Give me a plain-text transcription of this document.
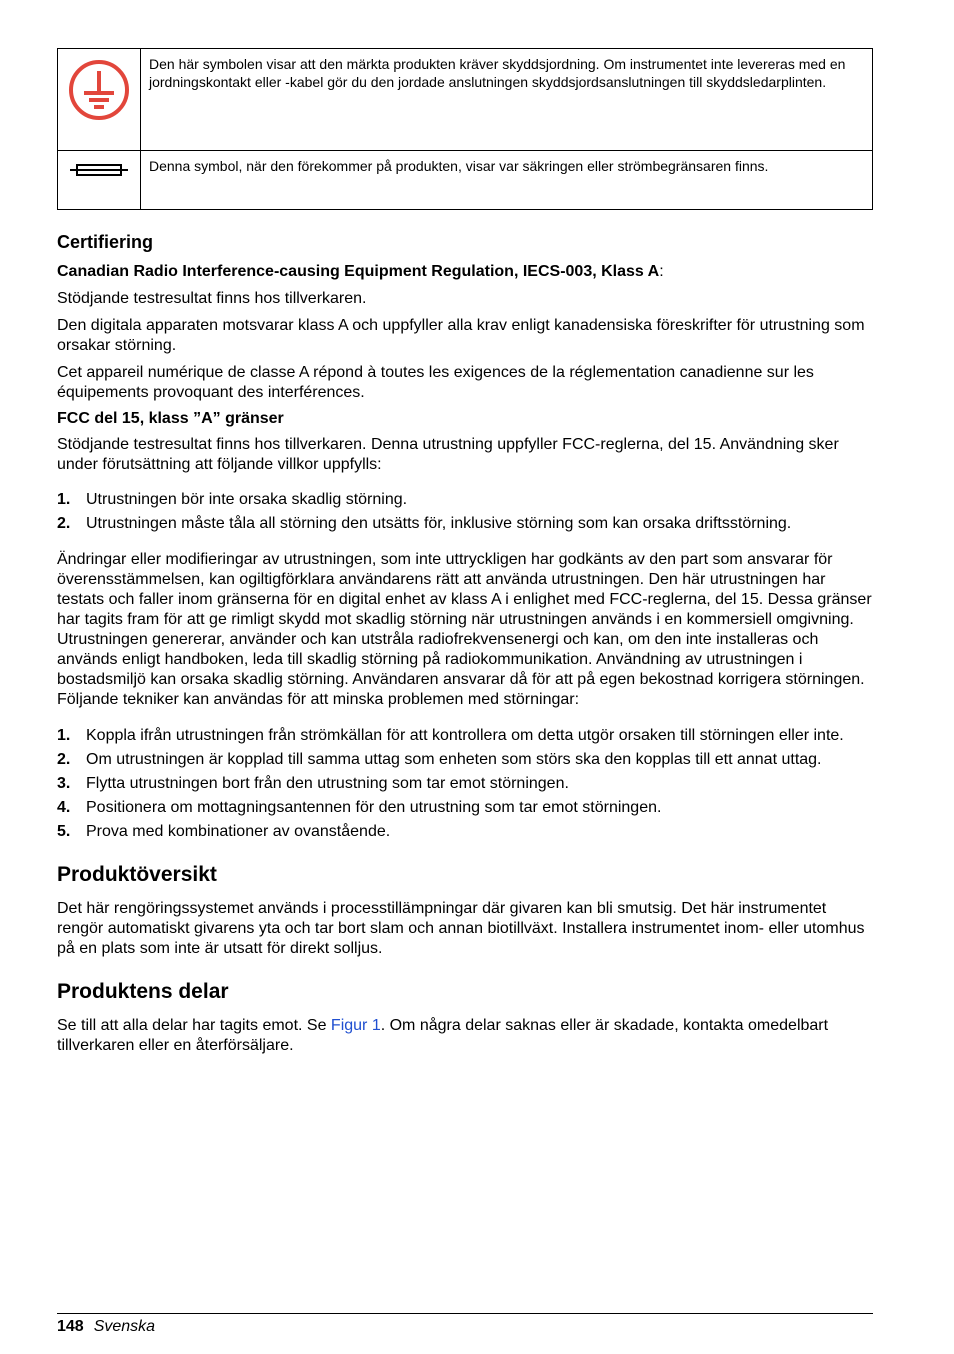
	Den här symbolen visar att den märkta produkten kräver skyddsjordning. Om instrumentet inte levereras med en jordningskontakt eller -kabel gör du den jordade anslutningen skyddsjordsanslutningen till skyddsledarplinten.
	Denna symbol, när den förekommer på produkten, visar var säkringen eller strömbegränsaren finns.
Certifiering

Canadian Radio Interference-causing Equipment Regulation, IECS-003, Klass A:

Stödjande testresultat finns hos tillverkaren.

Den digitala apparaten motsvarar klass A och uppfyller alla krav enligt kanadensiska föreskrifter för utrustning som orsakar störning.

Cet appareil numérique de classe A répond à toutes les exigences de la réglementation canadienne sur les équipements provoquant des interférences.

FCC del 15, klass ”A” gränser

Stödjande testresultat finns hos tillverkaren. Denna utrustning uppfyller FCC-reglerna, del 15. Användning sker under förutsättning att följande villkor uppfylls:

1. Utrustningen bör inte orsaka skadlig störning.
2. Utrustningen måste tåla all störning den utsätts för, inklusive störning som kan orsaka driftsstörning.

Ändringar eller modifieringar av utrustningen, som inte uttryckligen har godkänts av den part som ansvarar för överensstämmelsen, kan ogiltigförklara användarens rätt att använda utrustningen. Den här utrustningen har testats och faller inom gränserna för en digital enhet av klass A i enlighet med FCC-reglerna, del 15. Dessa gränser har tagits fram för att ge rimligt skydd mot skadlig störning när utrustningen används i en kommersiell omgivning. Utrustningen genererar, använder och kan utstråla radiofrekvensenergi och kan, om den inte installeras och används enligt handboken, leda till skadlig störning på radiokommunikation. Användning av utrustningen i bostadsmiljö kan orsaka skadlig störning. Användaren ansvarar då för att på egen bekostnad korrigera störningen. Följande tekniker kan användas för att minska problemen med störningar:

1. Koppla ifrån utrustningen från strömkällan för att kontrollera om detta utgör orsaken till störningen eller inte.
2. Om utrustningen är kopplad till samma uttag som enheten som störs ska den kopplas till ett annat uttag.
3. Flytta utrustningen bort från den utrustning som tar emot störningen.
4. Positionera om mottagningsantennen för den utrustning som tar emot störningen.
5. Prova med kombinationer av ovanstående.
Produktöversikt

Det här rengöringssystemet används i processtillämpningar där givaren kan bli smutsig. Det här instrumentet rengör automatiskt givarens yta och tar bort slam och annan biotillväxt. Installera instrumentet inom- eller utomhus på en plats som inte är utsatt för direkt solljus.

Produktens delar

Se till att alla delar har tagits emot. Se Figur 1. Om några delar saknas eller är skadade, kontakta omedelbart tillverkaren eller en återförsäljare.

148 Svenska
